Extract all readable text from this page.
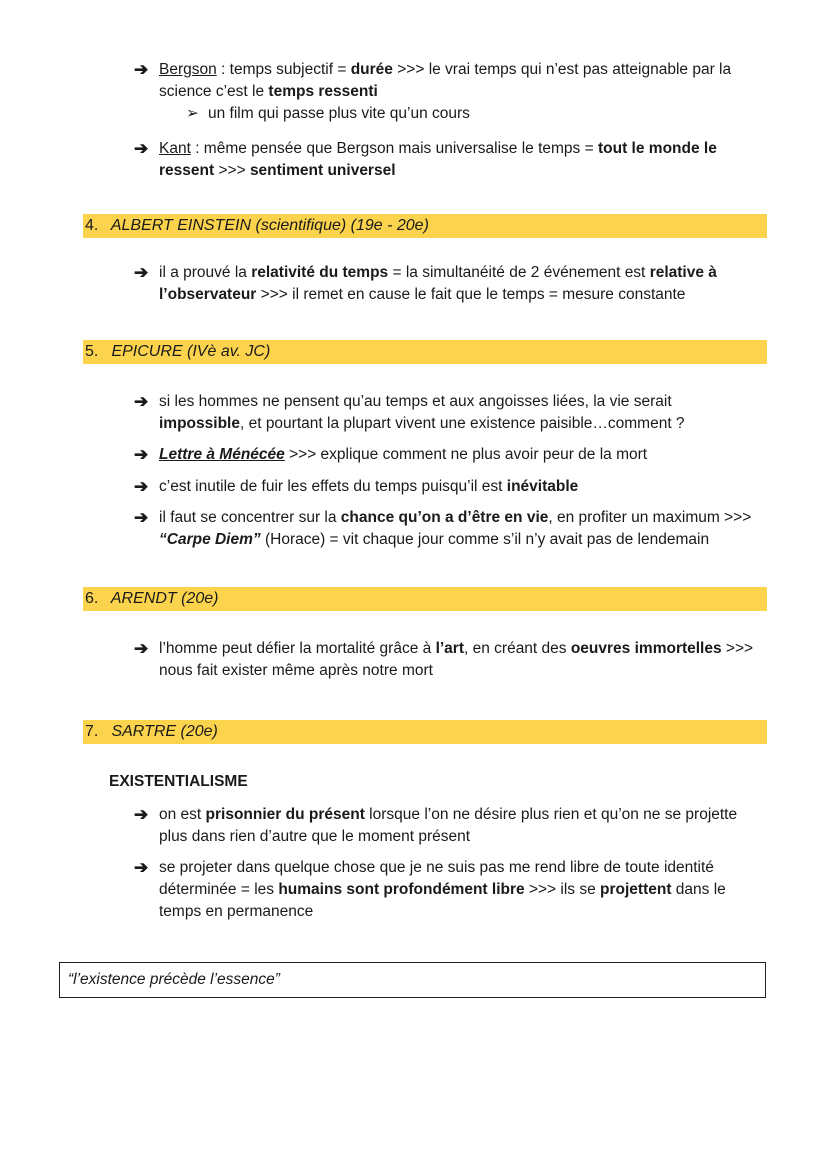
➔ Bergson : temps subjectif = durée >>> le vrai temps qui n’est pas atteignable par la
science c’est le temps ressenti
➢ un film qui passe plus vite qu’un cours
➔ Kant : même pensée que Bergson mais universalise le temps = tout le monde le
ressent >>> sentiment universel
4. ALBERT EINSTEIN (scientifique) (19e - 20e)
➔ il a prouvé la relativité du temps = la simultanéité de 2 événement est relative à
l’observateur >>> il remet en cause le fait que le temps = mesure constante
5. EPICURE (IVè av. JC)
➔ si les hommes ne pensent qu’au temps et aux angoisses liées, la vie serait
impossible, et pourtant la plupart vivent une existence paisible…comment ?
➔ Lettre à Ménécée >>> explique comment ne plus avoir peur de la mort
➔ c’est inutile de fuir les effets du temps puisqu’il est inévitable
➔ il faut se concentrer sur la chance qu’on a d’être en vie, en profiter un maximum >>>
“Carpe Diem” (Horace) = vit chaque jour comme s’il n’y avait pas de lendemain
6. ARENDT (20e)
➔ l’homme peut défier la mortalité grâce à l’art, en créant des oeuvres immortelles >>>
nous fait exister même après notre mort
7. SARTRE (20e)
EXISTENTIALISME
➔ on est prisonnier du présent lorsque l’on ne désire plus rien et qu’on ne se projette
plus dans rien d’autre que le moment présent
➔ se projeter dans quelque chose que je ne suis pas me rend libre de toute identité
déterminée = les humains sont profondément libre >>> ils se projettent dans le
temps en permanence
“l’existence précède l’essence”
